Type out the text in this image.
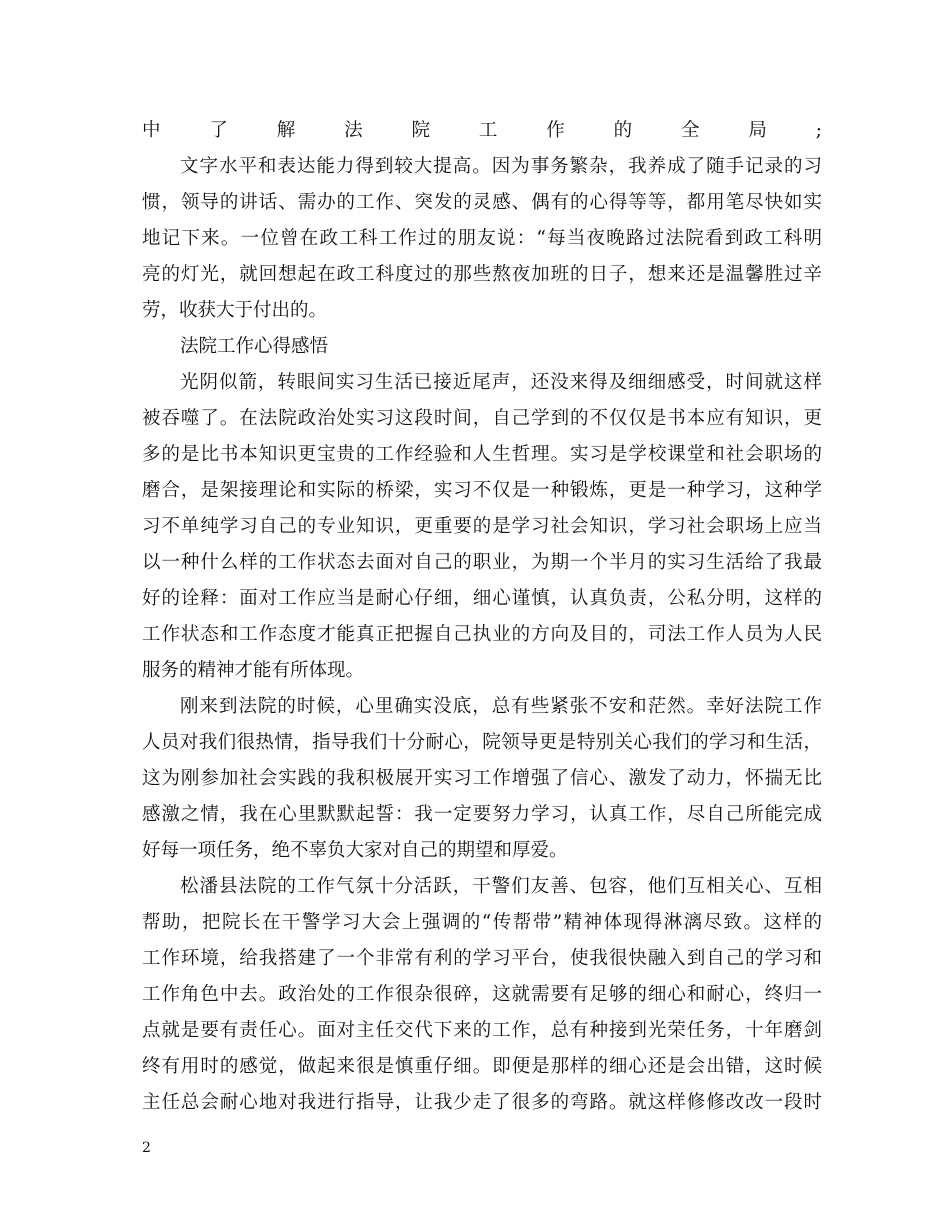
中了解法院工作的全局;
文字水平和表达能力得到较大提高。因为事务繁杂，我养成了随手记录的习
惯，领导的讲话、需办的工作、突发的灵感、偶有的心得等等，都用笔尽快如实
地记下来。一位曾在政工科工作过的朋友说：“每当夜晚路过法院看到政工科明
亮的灯光，就回想起在政工科度过的那些熬夜加班的日子，想来还是温馨胜过辛
劳，收获大于付出的。
法院工作心得感悟
光阴似箭，转眼间实习生活已接近尾声，还没来得及细细感受，时间就这样
被吞噬了。在法院政治处实习这段时间，自己学到的不仅仅是书本应有知识，更
多的是比书本知识更宝贵的工作经验和人生哲理。实习是学校课堂和社会职场的
磨合，是架接理论和实际的桥梁，实习不仅是一种锻炼，更是一种学习，这种学
习不单纯学习自己的专业知识，更重要的是学习社会知识，学习社会职场上应当
以一种什么样的工作状态去面对自己的职业，为期一个半月的实习生活给了我最
好的诠释：面对工作应当是耐心仔细，细心谨慎，认真负责，公私分明，这样的
工作状态和工作态度才能真正把握自己执业的方向及目的，司法工作人员为人民
服务的精神才能有所体现。
刚来到法院的时候，心里确实没底，总有些紧张不安和茫然。幸好法院工作
人员对我们很热情，指导我们十分耐心，院领导更是特别关心我们的学习和生活，
这为刚参加社会实践的我积极展开实习工作增强了信心、激发了动力，怀揣无比
感激之情，我在心里默默起誓：我一定要努力学习，认真工作，尽自己所能完成
好每一项任务，绝不辜负大家对自己的期望和厚爱。
松潘县法院的工作气氛十分活跃，干警们友善、包容，他们互相关心、互相
帮助，把院长在干警学习大会上强调的“传帮带”精神体现得淋漓尽致。这样的
工作环境，给我搭建了一个非常有利的学习平台，使我很快融入到自己的学习和
工作角色中去。政治处的工作很杂很碎，这就需要有足够的细心和耐心，终归一
点就是要有责任心。面对主任交代下来的工作，总有种接到光荣任务，十年磨剑
终有用时的感觉，做起来很是慎重仔细。即便是那样的细心还是会出错，这时候
主任总会耐心地对我进行指导，让我少走了很多的弯路。就这样修修改改一段时
2
